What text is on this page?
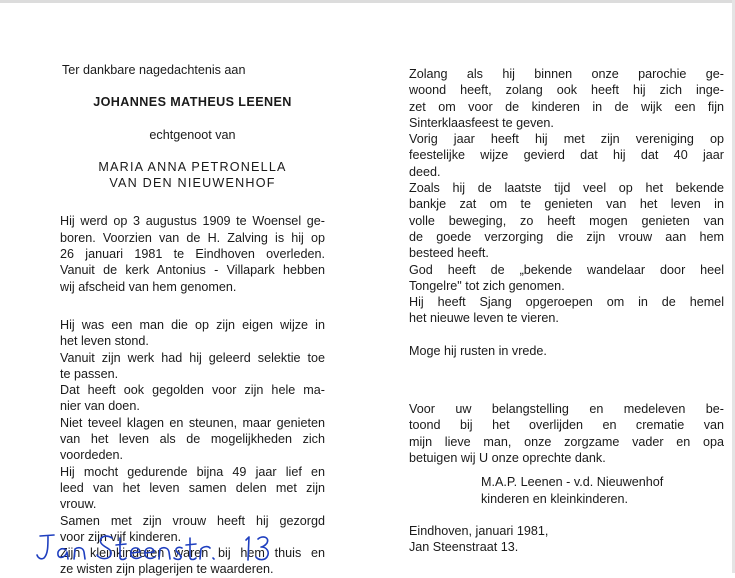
Ter dankbare nagedachtenis aan
JOHANNES MATHEUS LEENEN
echtgenoot van
MARIA ANNA PETRONELLA
VAN DEN NIEUWENHOF
Hij werd op 3 augustus 1909 te Woensel ge-
boren. Voorzien van de H. Zalving is hij op
26 januari 1981 te Eindhoven overleden.
Vanuit de kerk Antonius - Villapark hebben
wij afscheid van hem genomen.
Hij was een man die op zijn eigen wijze in
het leven stond.
Vanuit zijn werk had hij geleerd selektie toe
te passen.
Dat heeft ook gegolden voor zijn hele ma-
nier van doen.
Niet teveel klagen en steunen, maar genieten
van het leven als de mogelijkheden zich
voordeden.
Hij mocht gedurende bijna 49 jaar lief en
leed van het leven samen delen met zijn
vrouw.
Samen met zijn vrouw heeft hij gezorgd
voor zijn vijf kinderen.
Zijn kleinkinderen waren bij hem thuis en
ze wisten zijn plagerijen te waarderen.
Zolang als hij binnen onze parochie ge-
woond heeft, zolang ook heeft hij zich inge-
zet om voor de kinderen in de wijk een fijn
Sinterklaasfeest te geven.
Vorig jaar heeft hij met zijn vereniging op
feestelijke wijze gevierd dat hij dat 40 jaar
deed.
Zoals hij de laatste tijd veel op het bekende
bankje zat om te genieten van het leven in
volle beweging, zo heeft mogen genieten van
de goede verzorging die zijn vrouw aan hem
besteed heeft.
God heeft de „bekende wandelaar door heel
Tongelre" tot zich genomen.
Hij heeft Sjang opgeroepen om in de hemel
het nieuwe leven te vieren.
Moge hij rusten in vrede.
Voor uw belangstelling en medeleven be-
toond bij het overlijden en crematie van
mijn lieve man, onze zorgzame vader en opa
betuigen wij U onze oprechte dank.
M.A.P. Leenen - v.d. Nieuwenhof
kinderen en kleinkinderen.
Eindhoven, januari 1981,
Jan Steenstraat 13.
